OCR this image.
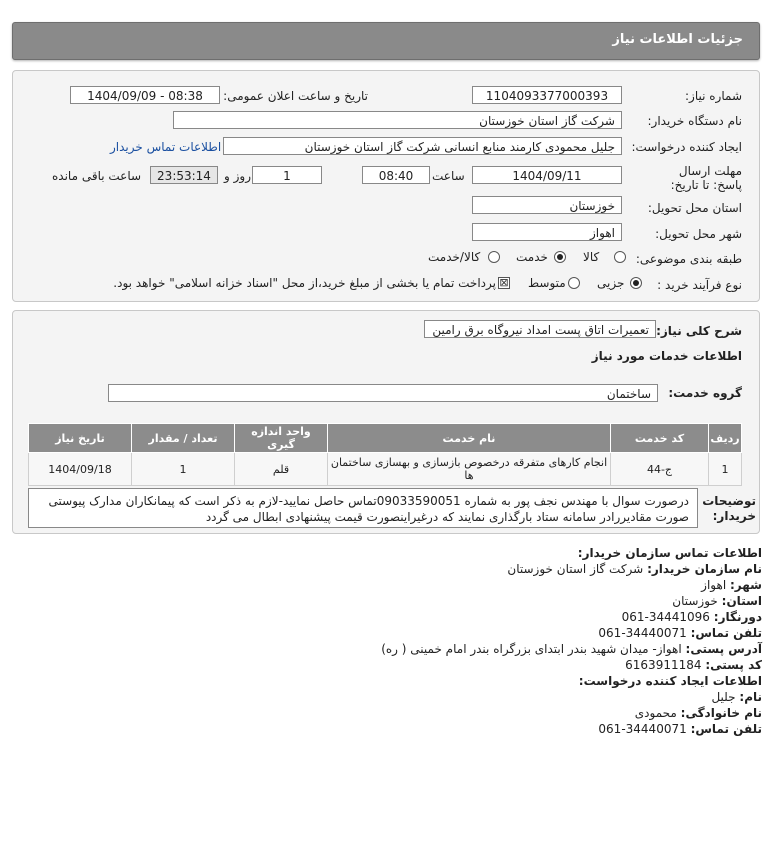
جزئیات اطلاعات نیاز
شماره نیاز:
1104093377000393
تاریخ و ساعت اعلان عمومی:
1404/09/09 - 08:38
نام دستگاه خریدار:
شرکت گاز استان خوزستان
ایجاد کننده درخواست:
جلیل محمودی کارمند منابع انسانی شرکت گاز استان خوزستان
اطلاعات تماس خریدار
مهلت ارسال پاسخ: تا تاریخ:
1404/09/11
ساعت
08:40
1
روز و
23:53:14
ساعت باقی مانده
استان محل تحویل:
خوزستان
شهر محل تحویل:
اهواز
طبقه بندی موضوعی:
کالا
خدمت
کالا/خدمت
نوع فرآیند خرید :
جزیی
متوسط
⊠
پرداخت تمام یا بخشی از مبلغ خرید،از محل "اسناد خزانه اسلامی" خواهد بود.
شرح کلی نیاز:
تعمیرات اتاق پست امداد نیروگاه برق رامین
اطلاعات خدمات مورد نیاز
گروه خدمت:
ساختمان
ردیف	کد خدمت	نام خدمت	واحد اندازه گیری	تعداد / مقدار	تاریخ نیاز
1	ج-44	انجام کارهای متفرقه درخصوص بازسازی و بهسازی ساختمان ها	قلم	1	1404/09/18
توضیحات خریدار:
درصورت سوال با مهندس نجف پور به شماره 09033590051تماس حاصل نمایید-لازم به ذکر است که پیمانکاران مدارک پیوستی صورت مقادیررادر سامانه ستاد بارگذاری نمایند که درغیراینصورت قیمت پیشنهادی ابطال می گردد
اطلاعات تماس سازمان خریدار:
نام سازمان خریدار: شرکت گاز استان خوزستان
شهر: اهواز
استان: خوزستان
دورنگار: 34441096-061
تلفن تماس: 34440071-061
آدرس پستی: اهواز- میدان شهید بندر ابتدای بزرگراه بندر امام خمینی ( ره)
کد پستی: 6163911184
اطلاعات ایجاد کننده درخواست:
نام: جلیل
نام خانوادگی: محمودی
تلفن تماس: 34440071-061
